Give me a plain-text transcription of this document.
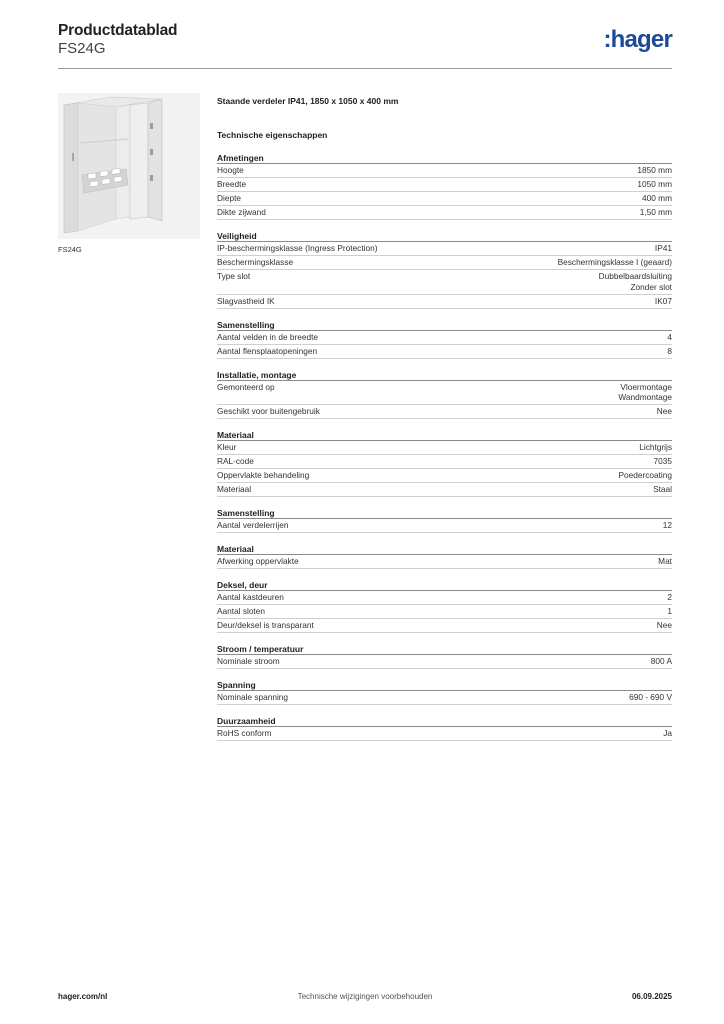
Productdatablad
FS24G	:hager
FS24G
Staande verdeler IP41, 1850 x 1050 x 400 mm
Technische eigenschappen
Afmetingen
Hoogte	1850 mm
Breedte	1050 mm
Diepte	400 mm
Dikte zijwand	1,50 mm
Veiligheid
IP-beschermingsklasse (Ingress Protection)	IP41
Beschermingsklasse	Beschermingsklasse I (geaard)
Type slot	Dubbelbaardsluiting
Zonder slot
Slagvastheid IK	IK07
Samenstelling
Aantal velden in de breedte	4
Aantal flensplaatopeningen	8
Installatie, montage
Gemonteerd op	Vloermontage
Wandmontage
Geschikt voor buitengebruik	Nee
Materiaal
Kleur	Lichtgrijs
RAL-code	7035
Oppervlakte behandeling	Poedercoating
Materiaal	Staal
Samenstelling
Aantal verdelerrijen	12
Materiaal
Afwerking oppervlakte	Mat
Deksel, deur
Aantal kastdeuren	2
Aantal sloten	1
Deur/deksel is transparant	Nee
Stroom / temperatuur
Nominale stroom	800 A
Spanning
Nominale spanning	690 - 690 V
Duurzaamheid
RoHS conform	Ja
hager.com/nl	Technische wijzigingen voorbehouden	06.09.2025
